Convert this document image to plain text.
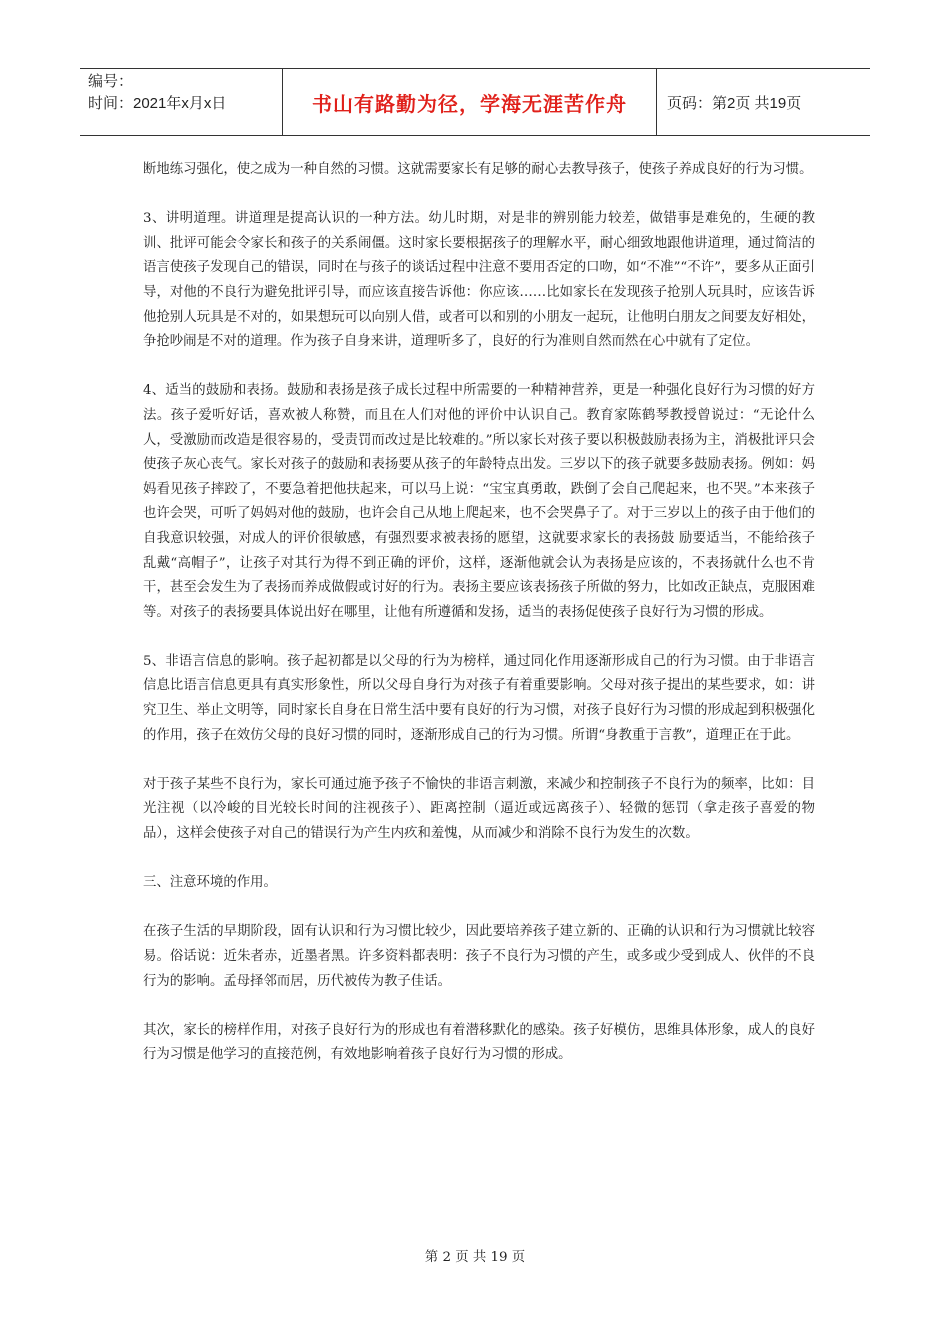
编号：
时间：2021年x月x日	书山有路勤为径，学海无涯苦作舟	页码：第2页 共19页

断地练习强化，使之成为一种自然的习惯。这就需要家长有足够的耐心去教导孩子，使孩子养成良好的行为习惯。

3、讲明道理。讲道理是提高认识的一种方法。幼儿时期，对是非的辨别能力较差，做错事是难免的，生硬的教训、批评可能会令家长和孩子的关系闹僵。这时家长要根据孩子的理解水平，耐心细致地跟他讲道理，通过简洁的语言使孩子发现自己的错误，同时在与孩子的谈话过程中注意不要用否定的口吻，如“不准”“不许”，要多从正面引导，对他的不良行为避免批评引导，而应该直接告诉他：你应该……比如家长在发现孩子抢别人玩具时，应该告诉他抢别人玩具是不对的，如果想玩可以向别人借，或者可以和别的小朋友一起玩，让他明白朋友之间要友好相处，争抢吵闹是不对的道理。作为孩子自身来讲，道理听多了，良好的行为准则自然而然在心中就有了定位。

4、适当的鼓励和表扬。鼓励和表扬是孩子成长过程中所需要的一种精神营养，更是一种强化良好行为习惯的好方法。孩子爱听好话，喜欢被人称赞，而且在人们对他的评价中认识自己。教育家陈鹤琴教授曾说过：“无论什么人，受激励而改造是很容易的，受责罚而改过是比较难的。”所以家长对孩子要以积极鼓励表扬为主，消极批评只会使孩子灰心丧气。家长对孩子的鼓励和表扬要从孩子的年龄特点出发。三岁以下的孩子就要多鼓励表扬。例如：妈妈看见孩子摔跤了，不要急着把他扶起来，可以马上说：“宝宝真勇敢，跌倒了会自己爬起来，也不哭。”本来孩子也许会哭，可听了妈妈对他的鼓励，也许会自己从地上爬起来，也不会哭鼻子了。对于三岁以上的孩子由于他们的自我意识较强，对成人的评价很敏感，有强烈要求被表扬的愿望，这就要求家长的表扬鼓 励要适当，不能给孩子乱戴“高帽子”，让孩子对其行为得不到正确的评价，这样，逐渐他就会认为表扬是应该的，不表扬就什么也不肯干，甚至会发生为了表扬而养成做假或讨好的行为。表扬主要应该表扬孩子所做的努力，比如改正缺点，克服困难等。对孩子的表扬要具体说出好在哪里，让他有所遵循和发扬，适当的表扬促使孩子良好行为习惯的形成。

5、非语言信息的影响。孩子起初都是以父母的行为为榜样，通过同化作用逐渐形成自己的行为习惯。由于非语言信息比语言信息更具有真实形象性，所以父母自身行为对孩子有着重要影响。父母对孩子提出的某些要求，如：讲究卫生、举止文明等，同时家长自身在日常生活中要有良好的行为习惯，对孩子良好行为习惯的形成起到积极强化的作用，孩子在效仿父母的良好习惯的同时，逐渐形成自己的行为习惯。所谓“身教重于言教”，道理正在于此。

对于孩子某些不良行为，家长可通过施予孩子不愉快的非语言刺激，来减少和控制孩子不良行为的频率，比如：目光注视（以冷峻的目光较长时间的注视孩子）、距离控制（逼近或远离孩子）、轻微的惩罚（拿走孩子喜爱的物品），这样会使孩子对自己的错误行为产生内疚和羞愧，从而减少和消除不良行为发生的次数。

三、注意环境的作用。

在孩子生活的早期阶段，固有认识和行为习惯比较少，因此要培养孩子建立新的、正确的认识和行为习惯就比较容易。俗话说：近朱者赤，近墨者黑。许多资料都表明：孩子不良行为习惯的产生，或多或少受到成人、伙伴的不良行为的影响。孟母择邻而居，历代被传为教子佳话。

其次，家长的榜样作用，对孩子良好行为的形成也有着潜移默化的感染。孩子好模仿，思维具体形象，成人的良好行为习惯是他学习的直接范例，有效地影响着孩子良好行为习惯的形成。

第 2 页 共 19 页
